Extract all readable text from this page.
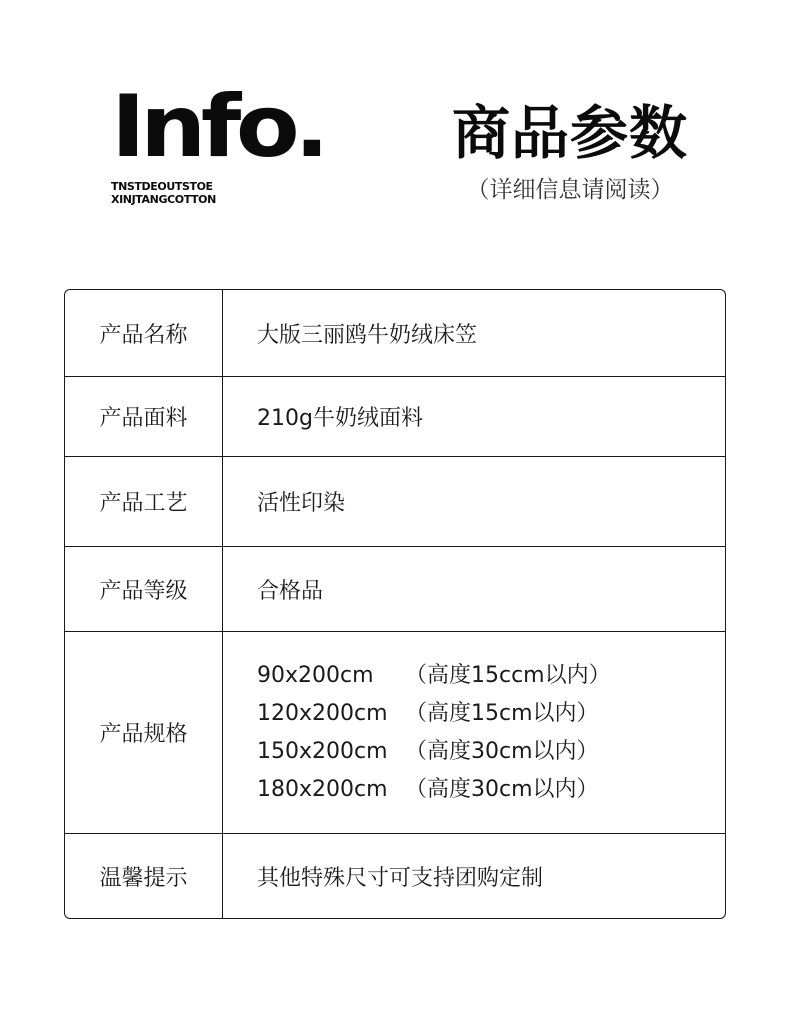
Info.
TNSTDEOUTSTOE
XINJTANGCOTTON
商品参数
（详细信息请阅读）
产品名称	大版三丽鸥牛奶绒床笠
产品面料	210g牛奶绒面料
产品工艺	活性印染
产品等级	合格品
产品规格
90x200cm	（高度15ccm以内）
120x200cm （高度15cm以内）
150x200cm （高度30cm以内）
180x200cm （高度30cm以内）
温馨提示	其他特殊尺寸可支持团购定制
